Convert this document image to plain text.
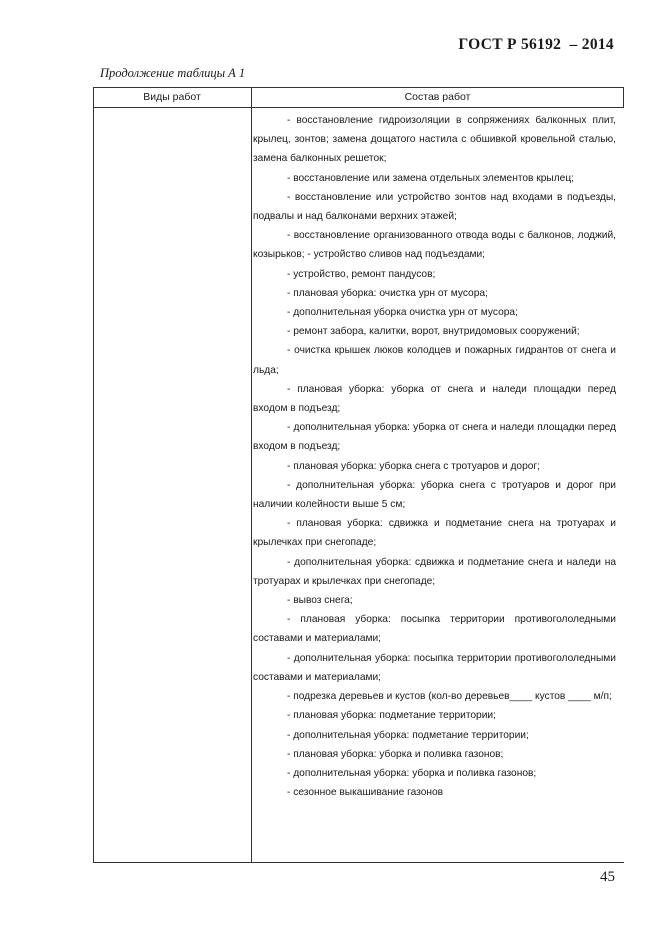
ГОСТ Р 56192  – 2014
Продолжение таблицы А 1
Виды работ	Состав работ

- восстановление гидроизоляции в сопряжениях балконных плит, крылец, зонтов; замена дощатого настила с обшивкой кровельной сталью, замена балконных решеток;

- восстановление или замена отдельных элементов крылец;

- восстановление или устройство зонтов над входами в подъезды, подвалы и над балконами верхних этажей;

- восстановление организованного отвода воды с балконов, лоджий, козырьков; - устройство сливов над подъездами;

- устройство, ремонт пандусов;

- плановая уборка: очистка урн от мусора;

- дополнительная уборка очистка урн от мусора;

- ремонт забора, калитки, ворот, внутридомовых сооружений;

- очистка крышек люков колодцев и пожарных гидрантов от снега и льда;

- плановая уборка: уборка от снега и наледи площадки перед входом в подъезд;

- дополнительная уборка: уборка от снега и наледи площадки перед входом в подъезд;

- плановая уборка: уборка снега с тротуаров и дорог;

- дополнительная уборка: уборка снега с тротуаров и дорог при наличии колейности выше 5 см;

- плановая уборка: сдвижка и подметание снега на тротуарах и крылечках при снегопаде;

- дополнительная уборка: сдвижка и подметание снега и наледи на тротуарах и крылечках при снегопаде;

- вывоз снега;

- плановая уборка: посыпка территории противогололедными составами и материалами;

- дополнительная уборка: посыпка территории противогололедными составами и материалами;

- подрезка деревьев и кустов (кол-во деревьев____ кустов ____ м/п;

- плановая уборка: подметание территории;

- дополнительная уборка: подметание территории;

- плановая уборка: уборка и поливка газонов;

- дополнительная уборка: уборка и поливка газонов;

- сезонное выкашивание газонов

45
